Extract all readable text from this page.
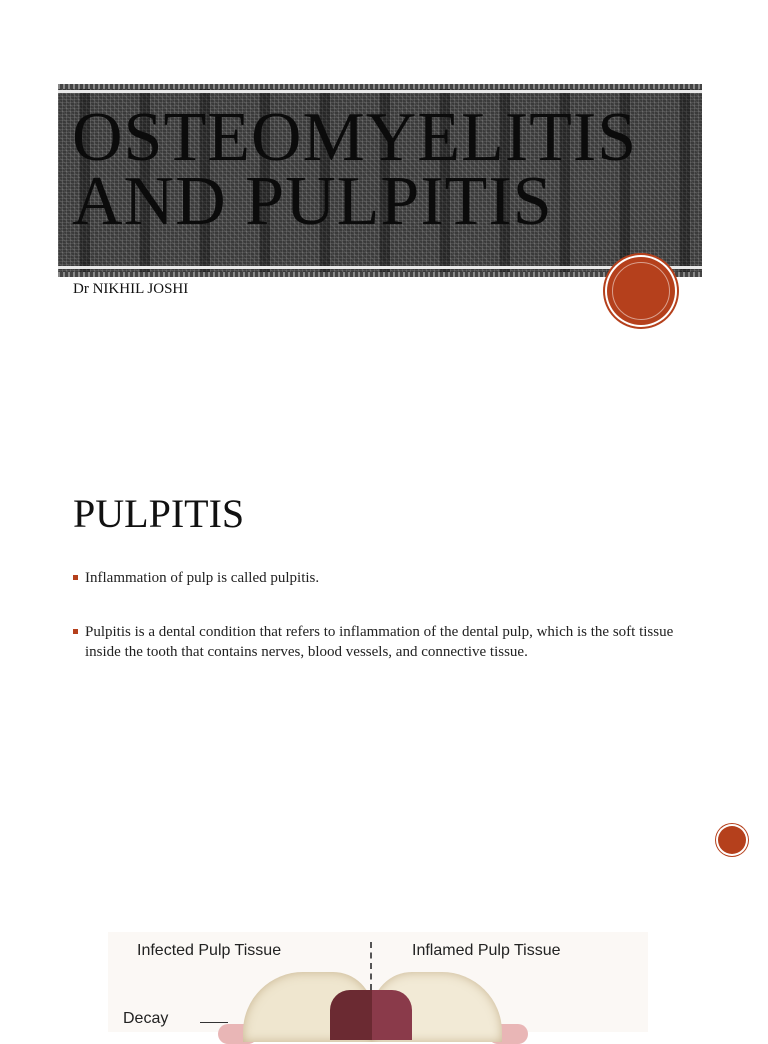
OSTEOMYELITIS AND PULPITIS
Dr NIKHIL JOSHI
PULPITIS
Inflammation of pulp is called pulpitis.
Pulpitis is a dental condition that refers to inflammation of the dental pulp, which is the soft tissue inside the tooth that contains nerves, blood vessels, and connective tissue.
Infected Pulp Tissue	Inflamed Pulp Tissue
Decay
